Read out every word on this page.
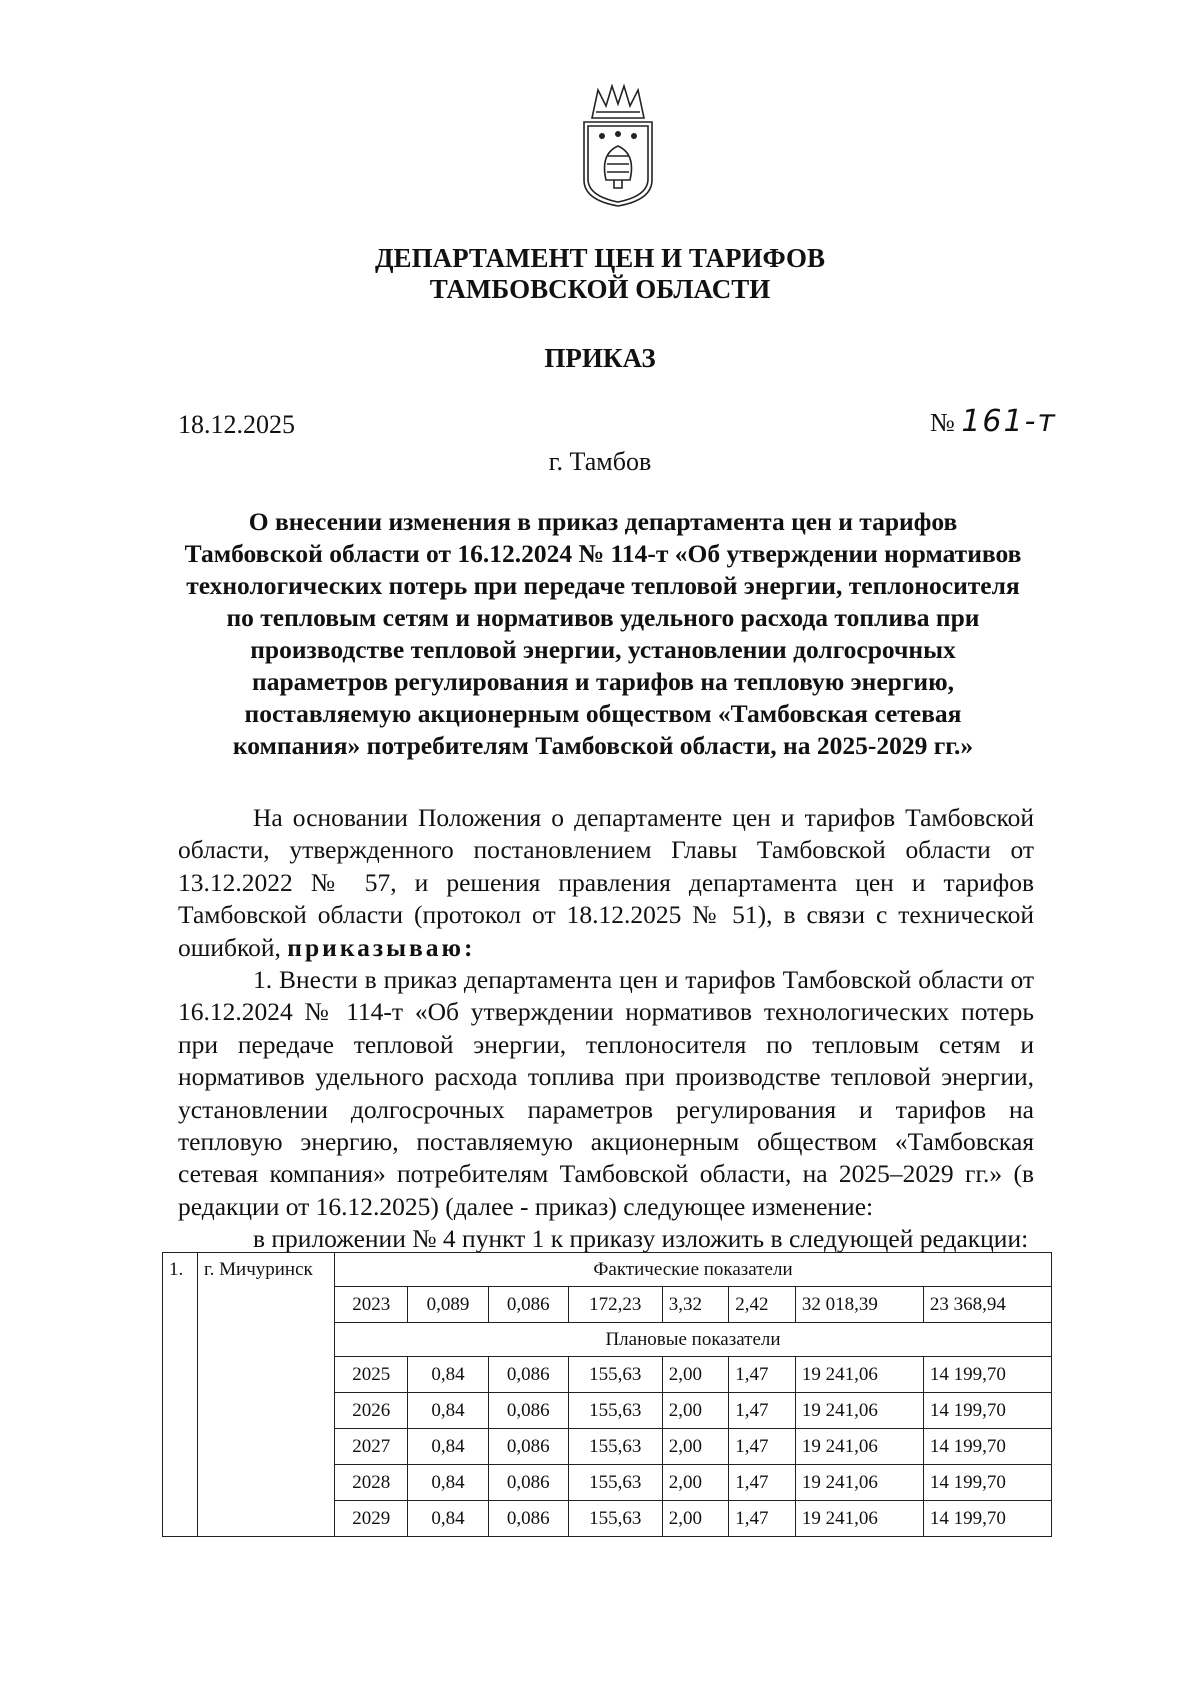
ДЕПАРТАМЕНТ ЦЕН И ТАРИФОВ
ТАМБОВСКОЙ ОБЛАСТИ
ПРИКАЗ
18.12.2025	№ 161-т
г. Тамбов
О внесении изменения в приказ департамента цен и тарифов
Тамбовской области от 16.12.2024 № 114-т «Об утверждении нормативов
технологических потерь при передаче тепловой энергии, теплоносителя
по тепловым сетям и нормативов удельного расхода топлива при
производстве тепловой энергии, установлении долгосрочных
параметров регулирования и тарифов на тепловую энергию,
поставляемую акционерным обществом «Тамбовская сетевая
компания» потребителям Тамбовской области, на 2025-2029 гг.»

На основании Положения о департаменте цен и тарифов Тамбовской области, утвержденного постановлением Главы Тамбовской области от 13.12.2022 № 57, и решения правления департамента цен и тарифов Тамбовской области (протокол от 18.12.2025 № 51), в связи с технической ошибкой, приказываю:

1. Внести в приказ департамента цен и тарифов Тамбовской области от 16.12.2024 № 114-т «Об утверждении нормативов технологических потерь при передаче тепловой энергии, теплоносителя по тепловым сетям и нормативов удельного расхода топлива при производстве тепловой энергии, установлении долгосрочных параметров регулирования и тарифов на тепловую энергию, поставляемую акционерным обществом «Тамбовская сетевая компания» потребителям Тамбовской области, на 2025–2029 гг.» (в редакции от 16.12.2025) (далее - приказ) следующее изменение:

в приложении № 4 пункт 1 к приказу изложить в следующей редакции:

1.	г. Мичуринск	Фактические показатели							
		2023	0,089	0,086	172,23	3,32	2,42	32 018,39	23 368,94
		Плановые показатели							
		2025	0,84	0,086	155,63	2,00	1,47	19 241,06	14 199,70
		2026	0,84	0,086	155,63	2,00	1,47	19 241,06	14 199,70
		2027	0,84	0,086	155,63	2,00	1,47	19 241,06	14 199,70
		2028	0,84	0,086	155,63	2,00	1,47	19 241,06	14 199,70
		2029	0,84	0,086	155,63	2,00	1,47	19 241,06	14 199,70
